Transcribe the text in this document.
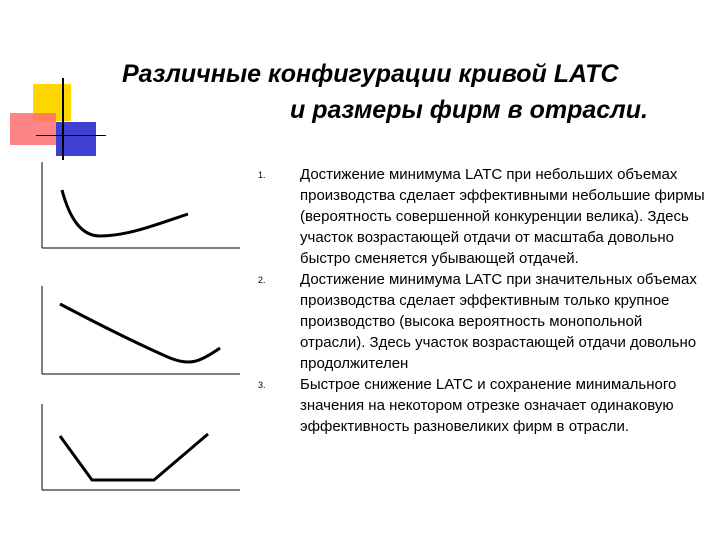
Различные конфигурации кривой LATC
и размеры фирм в отрасли.
1. Достижение минимума LATC при небольших объемах производства сделает эффективными небольшие фирмы (вероятность совершенной конкуренции велика). Здесь участок возрастающей отдачи от масштаба довольно быстро сменяется убывающей отдачей.
2. Достижение минимума LATC при значительных объемах производства сделает эффективным только крупное производство (высока вероятность монопольной отрасли). Здесь участок возрастающей отдачи довольно продолжителен
3. Быстрое снижение LATC и сохранение минимального значения на некотором отрезке означает одинаковую эффективность разновеликих фирм в отрасли.
